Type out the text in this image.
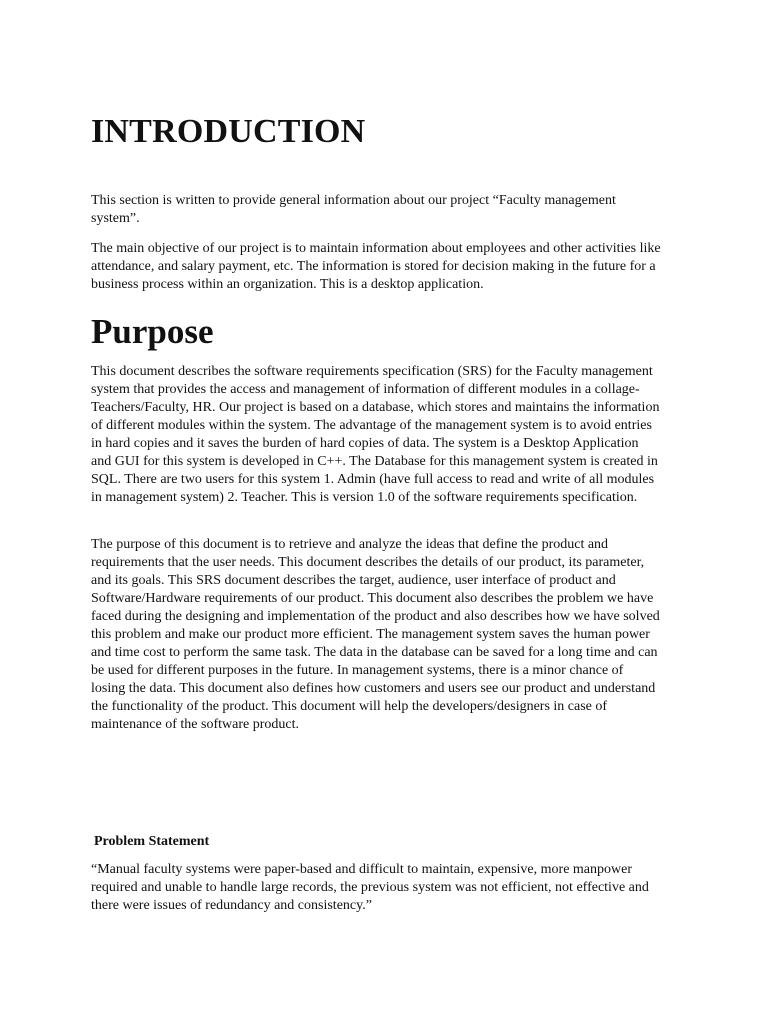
INTRODUCTION

This section is written to provide general information about our project “Faculty management system”.

The main objective of our project is to maintain information about employees and other activities like attendance, and salary payment, etc. The information is stored for decision making in the future for a business process within an organization. This is a desktop application.

Purpose

This document describes the software requirements specification (SRS) for the Faculty management system that provides the access and management of information of different modules in a collage- Teachers/Faculty, HR. Our project is based on a database, which stores and maintains the information of different modules within the system. The advantage of the management system is to avoid entries in hard copies and it saves the burden of hard copies of data. The system is a Desktop Application and GUI for this system is developed in C++. The Database for this management system is created in SQL. There are two users for this system 1. Admin (have full access to read and write of all modules in management system) 2. Teacher. This is version 1.0 of the software requirements specification.

The purpose of this document is to retrieve and analyze the ideas that define the product and requirements that the user needs. This document describes the details of our product, its parameter, and its goals. This SRS document describes the target, audience, user interface of product and Software/Hardware requirements of our product. This document also describes the problem we have faced during the designing and implementation of the product and also describes how we have solved this problem and make our product more efficient. The management system saves the human power and time cost to perform the same task. The data in the database can be saved for a long time and can be used for different purposes in the future. In management systems, there is a minor chance of losing the data. This document also defines how customers and users see our product and understand the functionality of the product. This document will help the developers/designers in case of maintenance of the software product.

Problem Statement

“Manual faculty systems were paper-based and difficult to maintain, expensive, more manpower required and unable to handle large records, the previous system was not efficient, not effective and there were issues of redundancy and consistency.”
